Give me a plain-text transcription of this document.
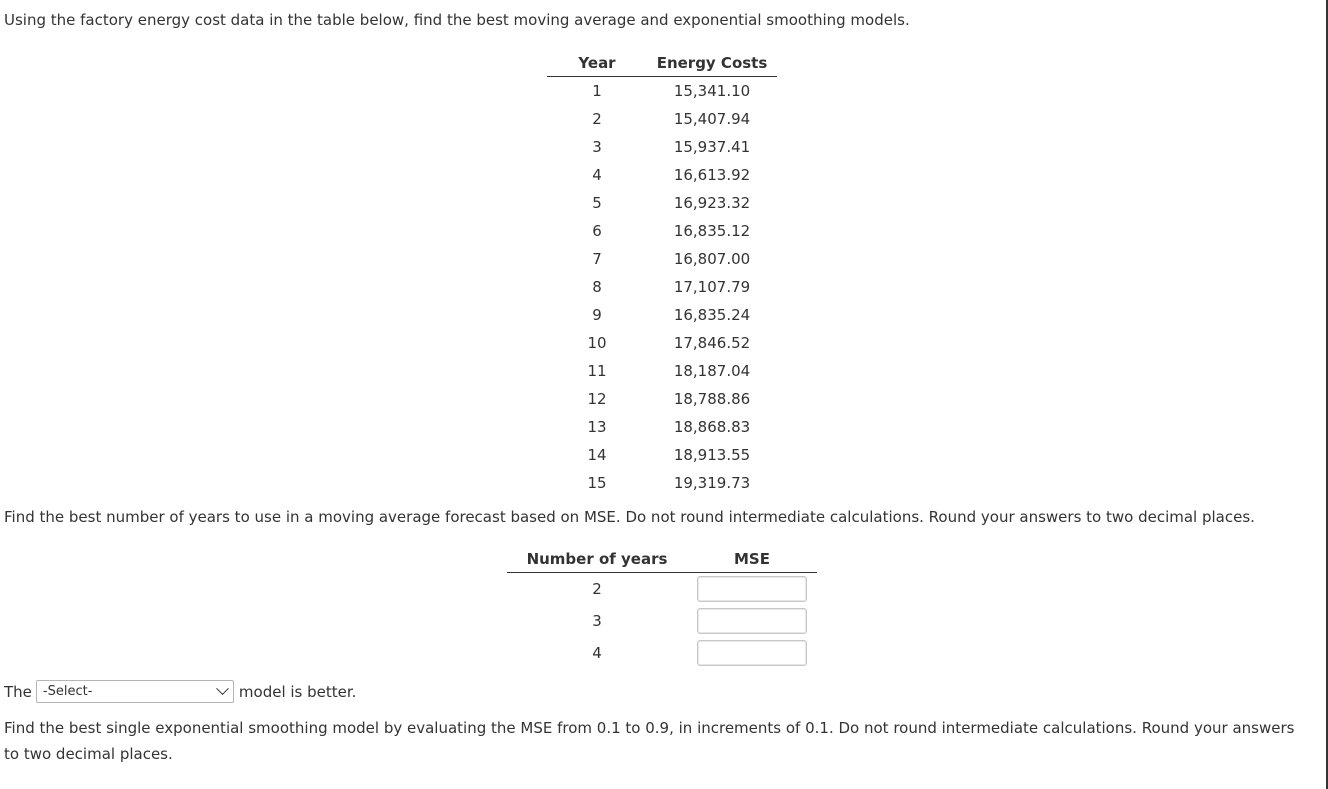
Using the factory energy cost data in the table below, find the best moving average and exponential smoothing models.
Year	Energy Costs
1	15,341.10
2	15,407.94
3	15,937.41
4	16,613.92
5	16,923.32
6	16,835.12
7	16,807.00
8	17,107.79
9	16,835.24
10	17,846.52
11	18,187.04
12	18,788.86
13	18,868.83
14	18,913.55
15	19,319.73
Find the best number of years to use in a moving average forecast based on MSE. Do not round intermediate calculations. Round your answers to two decimal places.
Number of years	MSE
2
3
4
The -Select-	model is better.
Find the best single exponential smoothing model by evaluating the MSE from 0.1 to 0.9, in increments of 0.1. Do not round intermediate calculations. Round your answers to two decimal places.
